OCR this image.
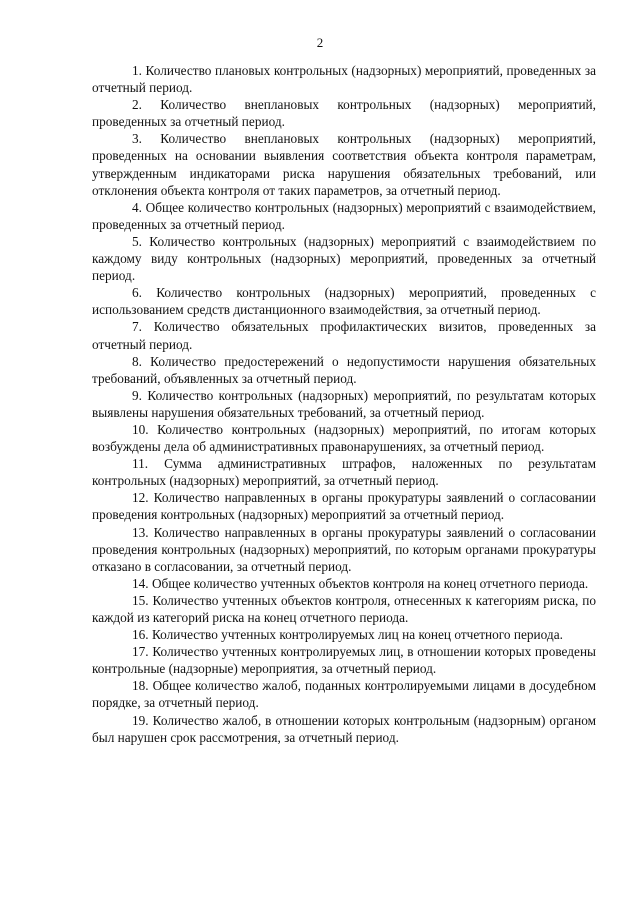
2

1. Количество плановых контрольных (надзорных) мероприятий, проведенных за отчетный период.

2. Количество внеплановых контрольных (надзорных) мероприятий, проведенных за отчетный период.

3. Количество внеплановых контрольных (надзорных) мероприятий, проведенных на основании выявления соответствия объекта контроля параметрам, утвержденным индикаторами риска нарушения обязательных требований, или отклонения объекта контроля от таких параметров, за отчетный период.

4. Общее количество контрольных (надзорных) мероприятий с взаимодействием, проведенных за отчетный период.

5. Количество контрольных (надзорных) мероприятий с взаимодействием по каждому виду контрольных (надзорных) мероприятий, проведенных за отчетный период.

6. Количество контрольных (надзорных) мероприятий, проведенных с использованием средств дистанционного взаимодействия, за отчетный период.

7. Количество обязательных профилактических визитов, проведенных за отчетный период.

8. Количество предостережений о недопустимости нарушения обязательных требований, объявленных за отчетный период.

9. Количество контрольных (надзорных) мероприятий, по результатам которых выявлены нарушения обязательных требований, за отчетный период.

10. Количество контрольных (надзорных) мероприятий, по итогам которых возбуждены дела об административных правонарушениях, за отчетный период.

11. Сумма административных штрафов, наложенных по результатам контрольных (надзорных) мероприятий, за отчетный период.

12. Количество направленных в органы прокуратуры заявлений о согласовании проведения контрольных (надзорных) мероприятий за отчетный период.

13. Количество направленных в органы прокуратуры заявлений о согласовании проведения контрольных (надзорных) мероприятий, по которым органами прокуратуры отказано в согласовании, за отчетный период.

14. Общее количество учтенных объектов контроля на конец отчетного периода.

15. Количество учтенных объектов контроля, отнесенных к категориям риска, по каждой из категорий риска на конец отчетного периода.

16. Количество учтенных контролируемых лиц на конец отчетного периода.

17. Количество учтенных контролируемых лиц, в отношении которых проведены контрольные (надзорные) мероприятия, за отчетный период.

18. Общее количество жалоб, поданных контролируемыми лицами в досудебном порядке, за отчетный период.

19. Количество жалоб, в отношении которых контрольным (надзорным) органом был нарушен срок рассмотрения, за отчетный период.
